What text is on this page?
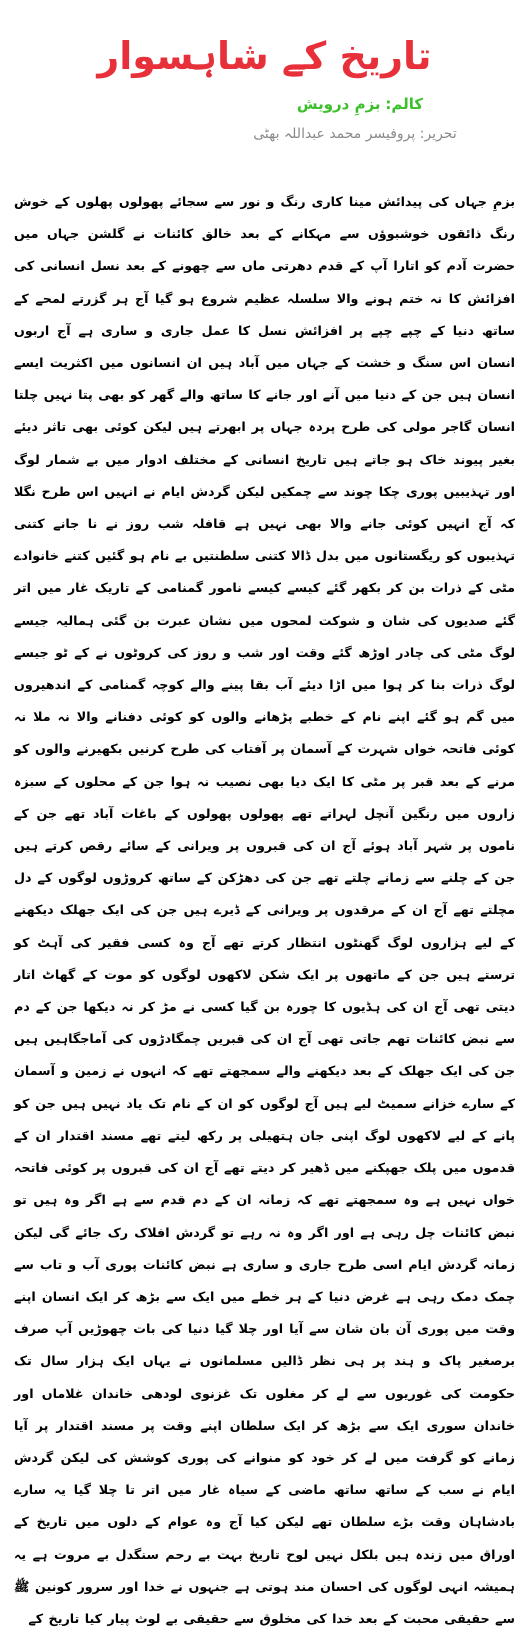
تاریخ کے شاہسوار
کالم: بزمِ درویش
تحریر: پروفیسر محمد عبداللہ بھٹی
بزمِ جہاں کی پیدائش مینا کاری رنگ و نور سے سجائے پھولوں پھلوں کے خوش رنگ ذائقوں خوشبوؤں سے مہکانے کے بعد خالق کائنات نے گلشن جہاں میں حضرت آدم کو اتارا آپ کے قدم دھرتی ماں سے چھونے کے بعد نسل انسانی کی افزائش کا نہ ختم ہونے والا سلسلہ عظیم شروع ہو گیا آج ہر گزرتے لمحے کے ساتھ دنیا کے چپے چپے پر افزائش نسل کا عمل جاری و ساری ہے آج اربوں انسان اس سنگ و خشت کے جہاں میں آباد ہیں ان انسانوں میں اکثریت ایسے انسان ہیں جن کے دنیا میں آنے اور جانے کا ساتھ والے گھر کو بھی پتا نہیں چلتا انسان گاجر مولی کی طرح پردہ جہاں پر ابھرتے ہیں لیکن کوئی بھی تاثر دیئے بغیر پیوند خاک ہو جاتے ہیں تاریخ انسانی کے مختلف ادوار میں بے شمار لوگ اور تہذیبیں پوری چکا چوند سے چمکیں لیکن گردش ایام نے انہیں اس طرح نگلا کہ آج انہیں کوئی جانے والا بھی نہیں ہے قافلہ شب روز نے نا جانے کتنی تہذیبوں کو ریگستانوں میں بدل ڈالا کتنی سلطنتیں بے نام ہو گئیں کتنے خانوادے مٹی کے ذرات بن کر بکھر گئے کیسے کیسے نامور گمنامی کے تاریک غار میں اتر گئے صدیوں کی شان و شوکت لمحوں میں نشان عبرت بن گئی ہمالیہ جیسے لوگ مٹی کی چادر اوڑھ گئے وقت اور شب و روز کی کروٹوں نے کے ٹو جیسے لوگ ذرات بنا کر ہوا میں اڑا دیئے آب بقا پینے والے کوچہ گمنامی کے اندھیروں میں گم ہو گئے اپنے نام کے خطبے پڑھانے والوں کو کوئی دفنانے والا نہ ملا نہ کوئی فاتحہ خواں شہرت کے آسمان پر آفتاب کی طرح کرنیں بکھیرنے والوں کو مرنے کے بعد قبر پر مٹی کا ایک دیا بھی نصیب نہ ہوا جن کے محلوں کے سبزہ زاروں میں رنگین آنچل لہراتے تھے پھولوں پھولوں کے باغات آباد تھے جن کے ناموں پر شہر آباد ہوئے آج ان کی قبروں پر ویرانی کے سائے رقص کرتے ہیں جن کے چلنے سے زمانے چلتے تھے جن کی دھڑکن کے ساتھ کروڑوں لوگوں کے دل مچلتے تھے آج ان کے مرقدوں پر ویرانی کے ڈیرے ہیں جن کی ایک جھلک دیکھنے کے لیے ہزاروں لوگ گھنٹوں انتظار کرتے تھے آج وہ کسی فقیر کی آہٹ کو ترستے ہیں جن کے ماتھوں پر ایک شکن لاکھوں لوگوں کو موت کے گھاٹ اتار دیتی تھی آج ان کی ہڈیوں کا چورہ بن گیا کسی نے مڑ کر نہ دیکھا جن کے دم سے نبض کائنات تھم جاتی تھی آج ان کی قبریں چمگادڑوں کی آماجگاہیں ہیں جن کی ایک جھلک کے بعد دیکھنے والے سمجھتے تھے کہ انہوں نے زمین و آسمان کے سارے خزانے سمیٹ لیے ہیں آج لوگوں کو ان کے نام تک یاد نہیں ہیں جن کو پانے کے لیے لاکھوں لوگ اپنی جان ہتھیلی پر رکھ لیتے تھے مسند اقتدار ان کے قدموں میں پلک جھپکنے میں ڈھیر کر دیتے تھے آج ان کی قبروں پر کوئی فاتحہ خواں نہیں ہے وہ سمجھتے تھے کہ زمانہ ان کے دم قدم سے ہے اگر وہ ہیں تو نبض کائنات چل رہی ہے اور اگر وہ نہ رہے تو گردش افلاک رک جائے گی لیکن زمانہ گردش ایام اسی طرح جاری و ساری ہے نبض کائنات پوری آب و تاب سے چمک دمک رہی ہے غرض دنیا کے ہر خطے میں ایک سے بڑھ کر ایک انسان اپنے وقت میں پوری آن بان شان سے آیا اور چلا گیا دنیا کی بات چھوڑیں آپ صرف برصغیر پاک و ہند پر ہی نظر ڈالیں مسلمانوں نے یہاں ایک ہزار سال تک حکومت کی غوریوں سے لے کر مغلوں تک غزنوی لودھی خاندان غلاماں اور خاندان سوری ایک سے بڑھ کر ایک سلطان اپنے وقت پر مسند اقتدار پر آیا زمانے کو گرفت میں لے کر خود کو منوانے کی پوری کوشش کی لیکن گردش ایام نے سب کے ساتھ ساتھ ماضی کے سیاہ غار میں اتر تا چلا گیا یہ سارے بادشاہان وقت بڑے سلطان تھے لیکن کیا آج وہ عوام کے دلوں میں تاریخ کے اوراق میں زندہ ہیں بلکل نہیں لوح تاریخ بہت بے رحم سنگدل بے مروت ہے یہ ہمیشہ انہی لوگوں کی احسان مند ہوتی ہے جنہوں نے خدا اور سرور کونین ﷺ سے حقیقی محبت کے بعد خدا کی مخلوق سے حقیقی بے لوث پیار کیا تاریخ کے
